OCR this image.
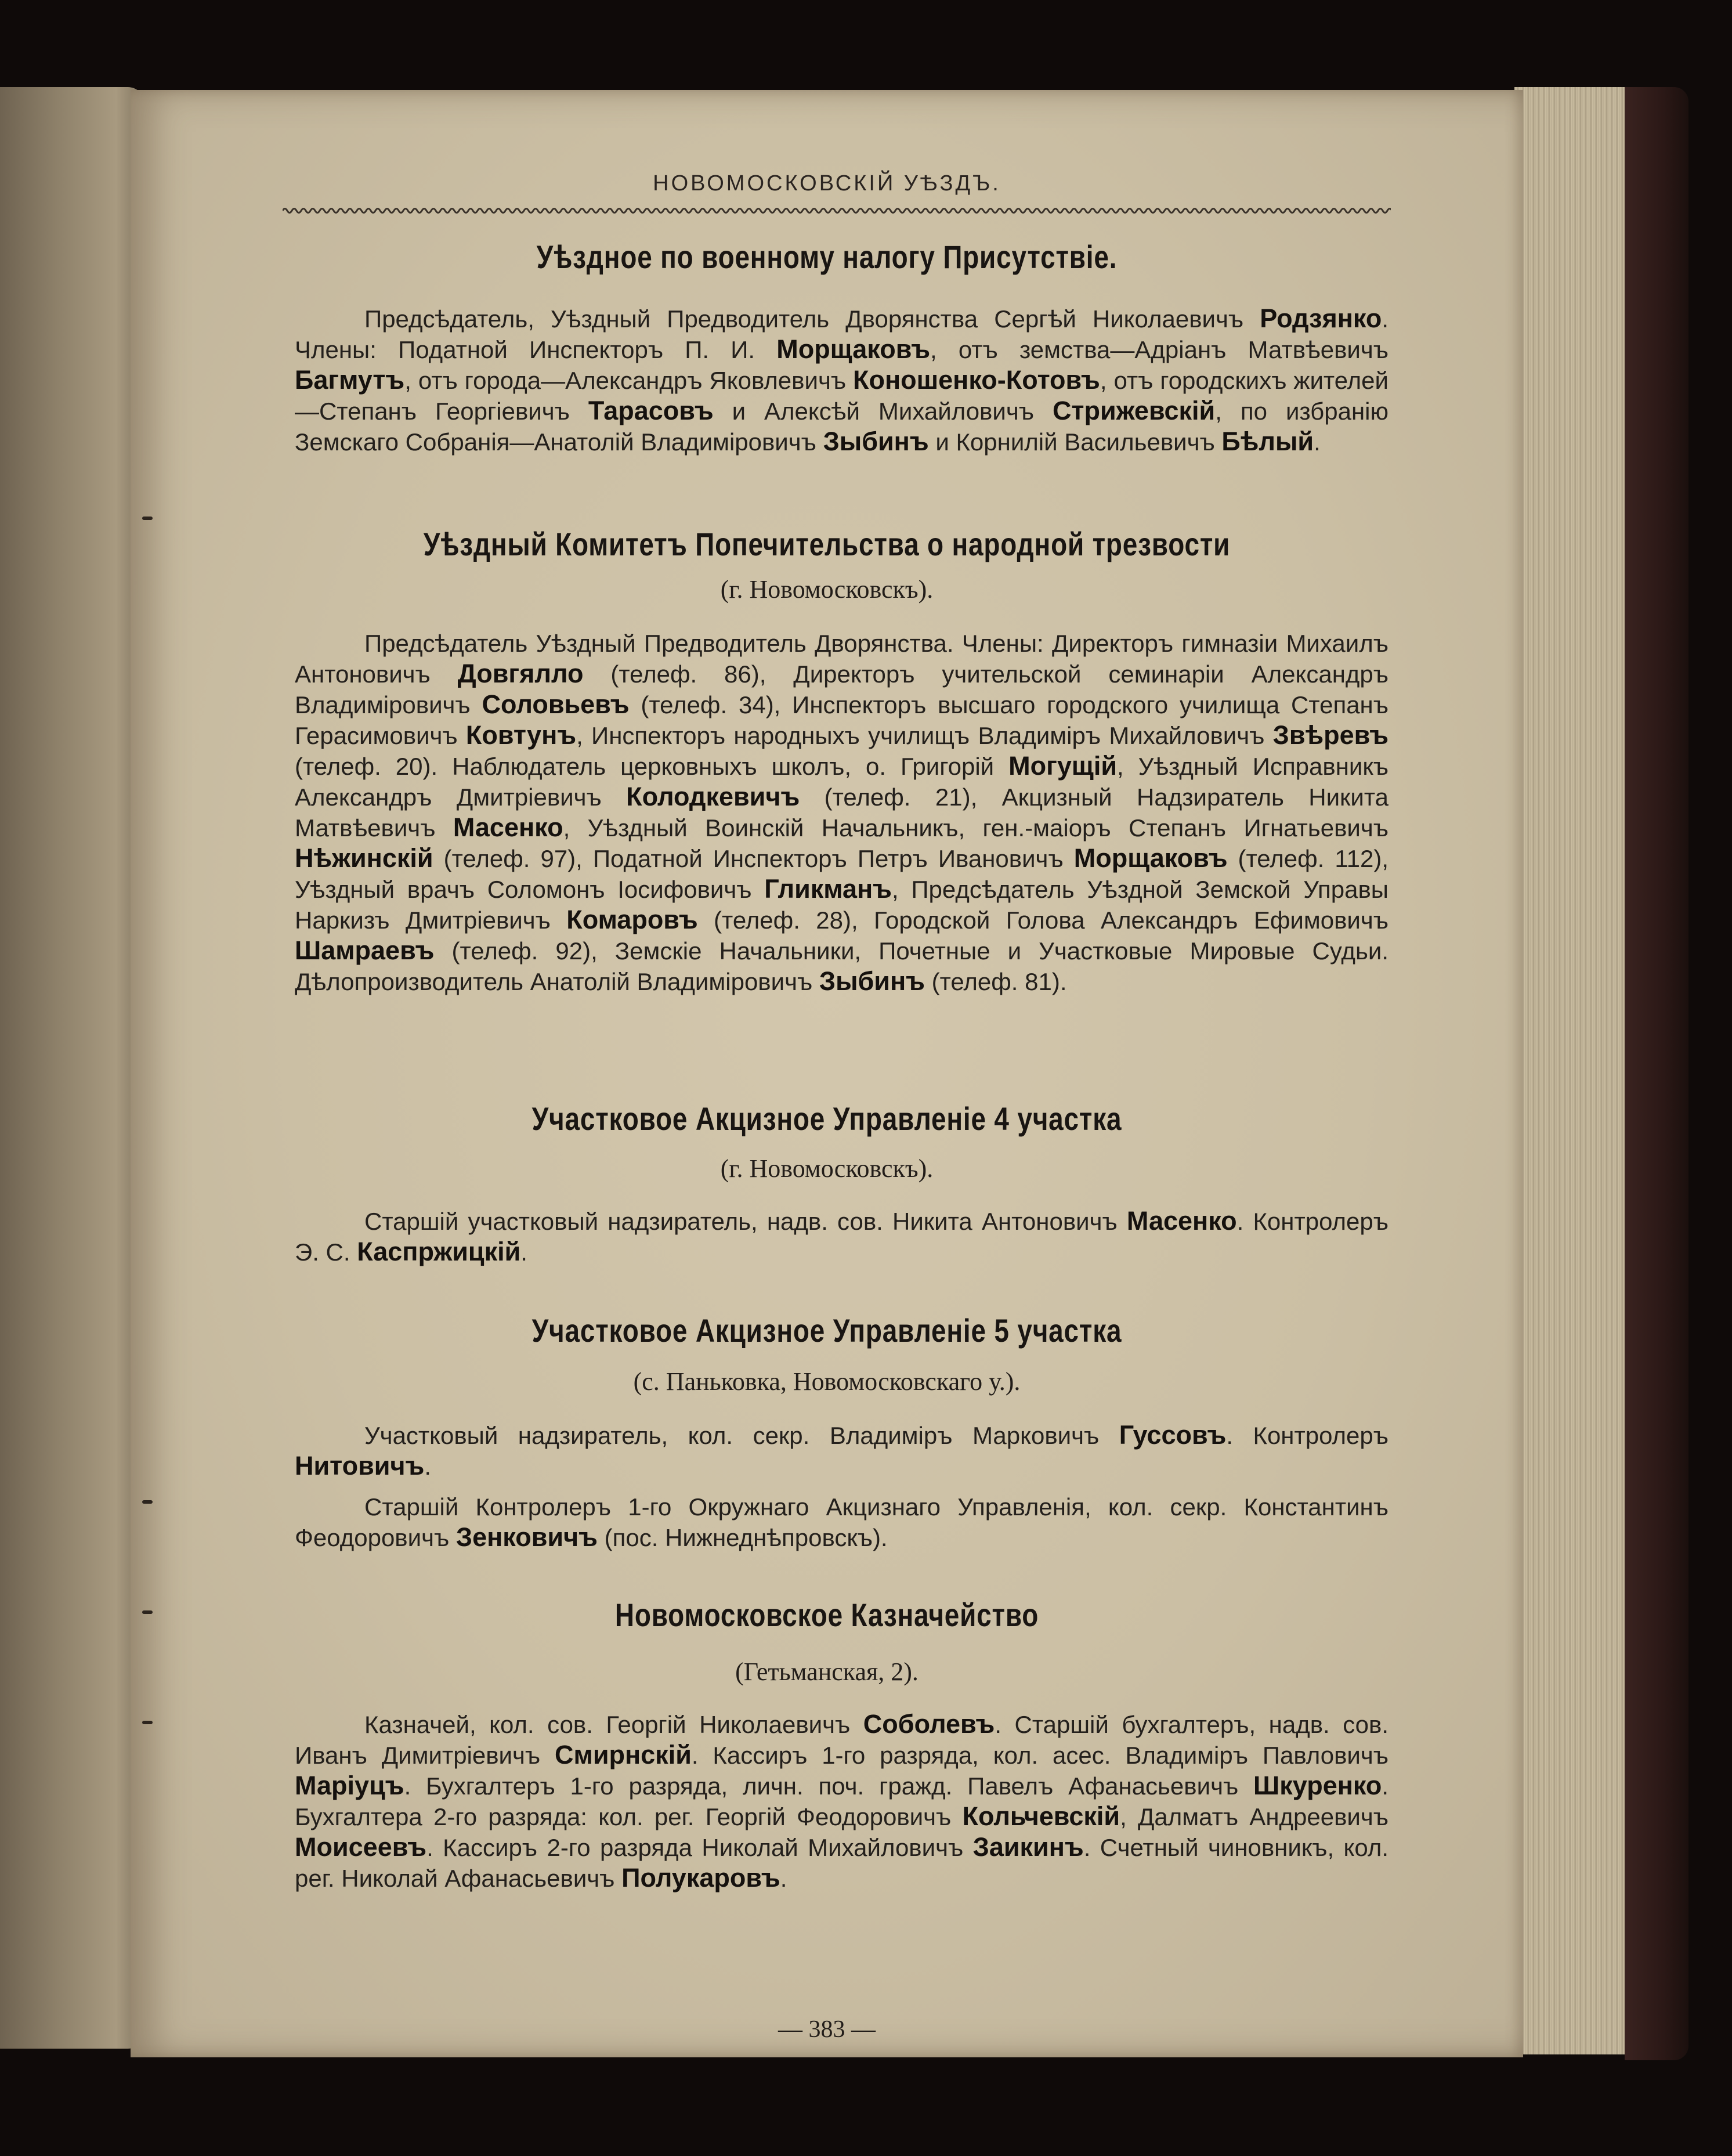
НОВОМОСКОВСКІЙ УѢЗДЪ.
Уѣздное по военному налогу Присутствіе.
Предсѣдатель, Уѣздный Предводитель Дворянства Сергѣй Николаевичъ Родзянко. Члены: Податной Инспекторъ П. И. Морщаковъ, отъ земства—Адріанъ Матвѣевичъ Багмутъ, отъ города—Александръ Яковлевичъ Коношенко-Котовъ, отъ городскихъ жителей—Степанъ Георгіевичъ Тарасовъ и Алексѣй Михайловичъ Стрижевскій, по избранію Земскаго Собранія—Анатолій Владиміровичъ Зыбинъ и Корнилій Васильевичъ Бѣлый.
Уѣздный Комитетъ Попечительства о народной трезвости
(г. Новомосковскъ).
Предсѣдатель Уѣздный Предводитель Дворянства. Члены: Директоръ гимназіи Михаилъ Антоновичъ Довгялло (телеф. 86), Директоръ учительской семинаріи Александръ Владиміровичъ Соловьевъ (телеф. 34), Инспекторъ высшаго городского училища Степанъ Герасимовичъ Ковтунъ, Инспекторъ народныхъ училищъ Владиміръ Михайловичъ Звѣревъ (телеф. 20). Наблюдатель церковныхъ школъ, о. Григорій Могущій, Уѣздный Исправникъ Александръ Дмитріевичъ Колодкевичъ (телеф. 21), Акцизный Надзиратель Никита Матвѣевичъ Масенко, Уѣздный Воинскій Начальникъ, ген.-маіоръ Степанъ Игнатьевичъ Нѣжинскій (телеф. 97), Податной Инспекторъ Петръ Ивановичъ Морщаковъ (телеф. 112), Уѣздный врачъ Соломонъ Іосифовичъ Гликманъ, Предсѣдатель Уѣздной Земской Управы Наркизъ Дмитріевичъ Комаровъ (телеф. 28), Городской Голова Александръ Ефимовичъ Шамраевъ (телеф. 92), Земскіе Начальники, Почетные и Участковые Мировые Судьи. Дѣлопроизводитель Анатолій Владиміровичъ Зыбинъ (телеф. 81).
Участковое Акцизное Управленіе 4 участка
(г. Новомосковскъ).
Старшій участковый надзиратель, надв. сов. Никита Антоновичъ Масенко. Контролеръ Э. С. Каспржицкій.
Участковое Акцизное Управленіе 5 участка
(с. Паньковка, Новомосковскаго у.).
Участковый надзиратель, кол. секр. Владиміръ Марковичъ Гуссовъ. Контролеръ Нитовичъ.
Старшій Контролеръ 1-го Окружнаго Акцизнаго Управленія, кол. секр. Константинъ Феодоровичъ Зенковичъ (пос. Нижнеднѣпровскъ).
Новомосковское Казначейство
(Гетьманская, 2).
Казначей, кол. сов. Георгій Николаевичъ Соболевъ. Старшій бухгалтеръ, надв. сов. Иванъ Димитріевичъ Смирнскій. Кассиръ 1-го разряда, кол. асес. Владиміръ Павловичъ Маріуцъ. Бухгалтеръ 1-го разряда, личн. поч. гражд. Павелъ Афанасьевичъ Шкуренко. Бухгалтера 2-го разряда: кол. рег. Георгій Феодоровичъ Кольчевскій, Далматъ Андреевичъ Моисеевъ. Кассиръ 2-го разряда Николай Михайловичъ Заикинъ. Счетный чиновникъ, кол. рег. Николай Афанасьевичъ Полукаровъ.
— 383 —
